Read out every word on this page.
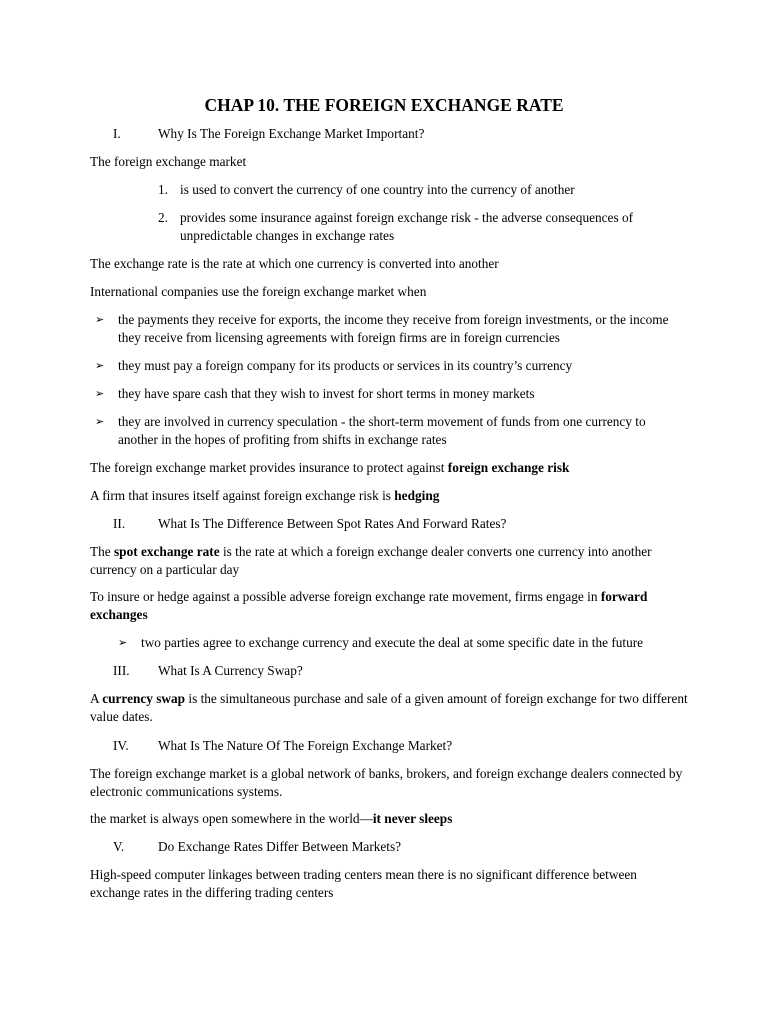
CHAP 10. THE FOREIGN EXCHANGE RATE
I.	Why Is The Foreign Exchange Market Important?

The foreign exchange market

1. is used to convert the currency of one country into the currency of another
2. provides some insurance against foreign exchange risk - the adverse consequences of unpredictable changes in exchange rates

The exchange rate is the rate at which one currency is converted into another

International companies use the foreign exchange market when

➢ the payments they receive for exports, the income they receive from foreign investments, or the income they receive from licensing agreements with foreign firms are in foreign currencies
➢ they must pay a foreign company for its products or services in its country’s currency
➢ they have spare cash that they wish to invest for short terms in money markets
➢ they are involved in currency speculation - the short-term movement of funds from one currency to another in the hopes of profiting from shifts in exchange rates

The foreign exchange market provides insurance to protect against foreign exchange risk

A firm that insures itself against foreign exchange risk is hedging

II. What Is The Difference Between Spot Rates And Forward Rates?

The spot exchange rate is the rate at which a foreign exchange dealer converts one currency into another currency on a particular day

To insure or hedge against a possible adverse foreign exchange rate movement, firms engage in forward exchanges

➢ two parties agree to exchange currency and execute the deal at some specific date in the future
III. What Is A Currency Swap?

A currency swap is the simultaneous purchase and sale of a given amount of foreign exchange for two different value dates.

IV. What Is The Nature Of The Foreign Exchange Market?

The foreign exchange market is a global network of banks, brokers, and foreign exchange dealers connected by electronic communications systems.

the market is always open somewhere in the world—it never sleeps

V.	Do Exchange Rates Differ Between Markets?

High-speed computer linkages between trading centers mean there is no significant difference between exchange rates in the differing trading centers
